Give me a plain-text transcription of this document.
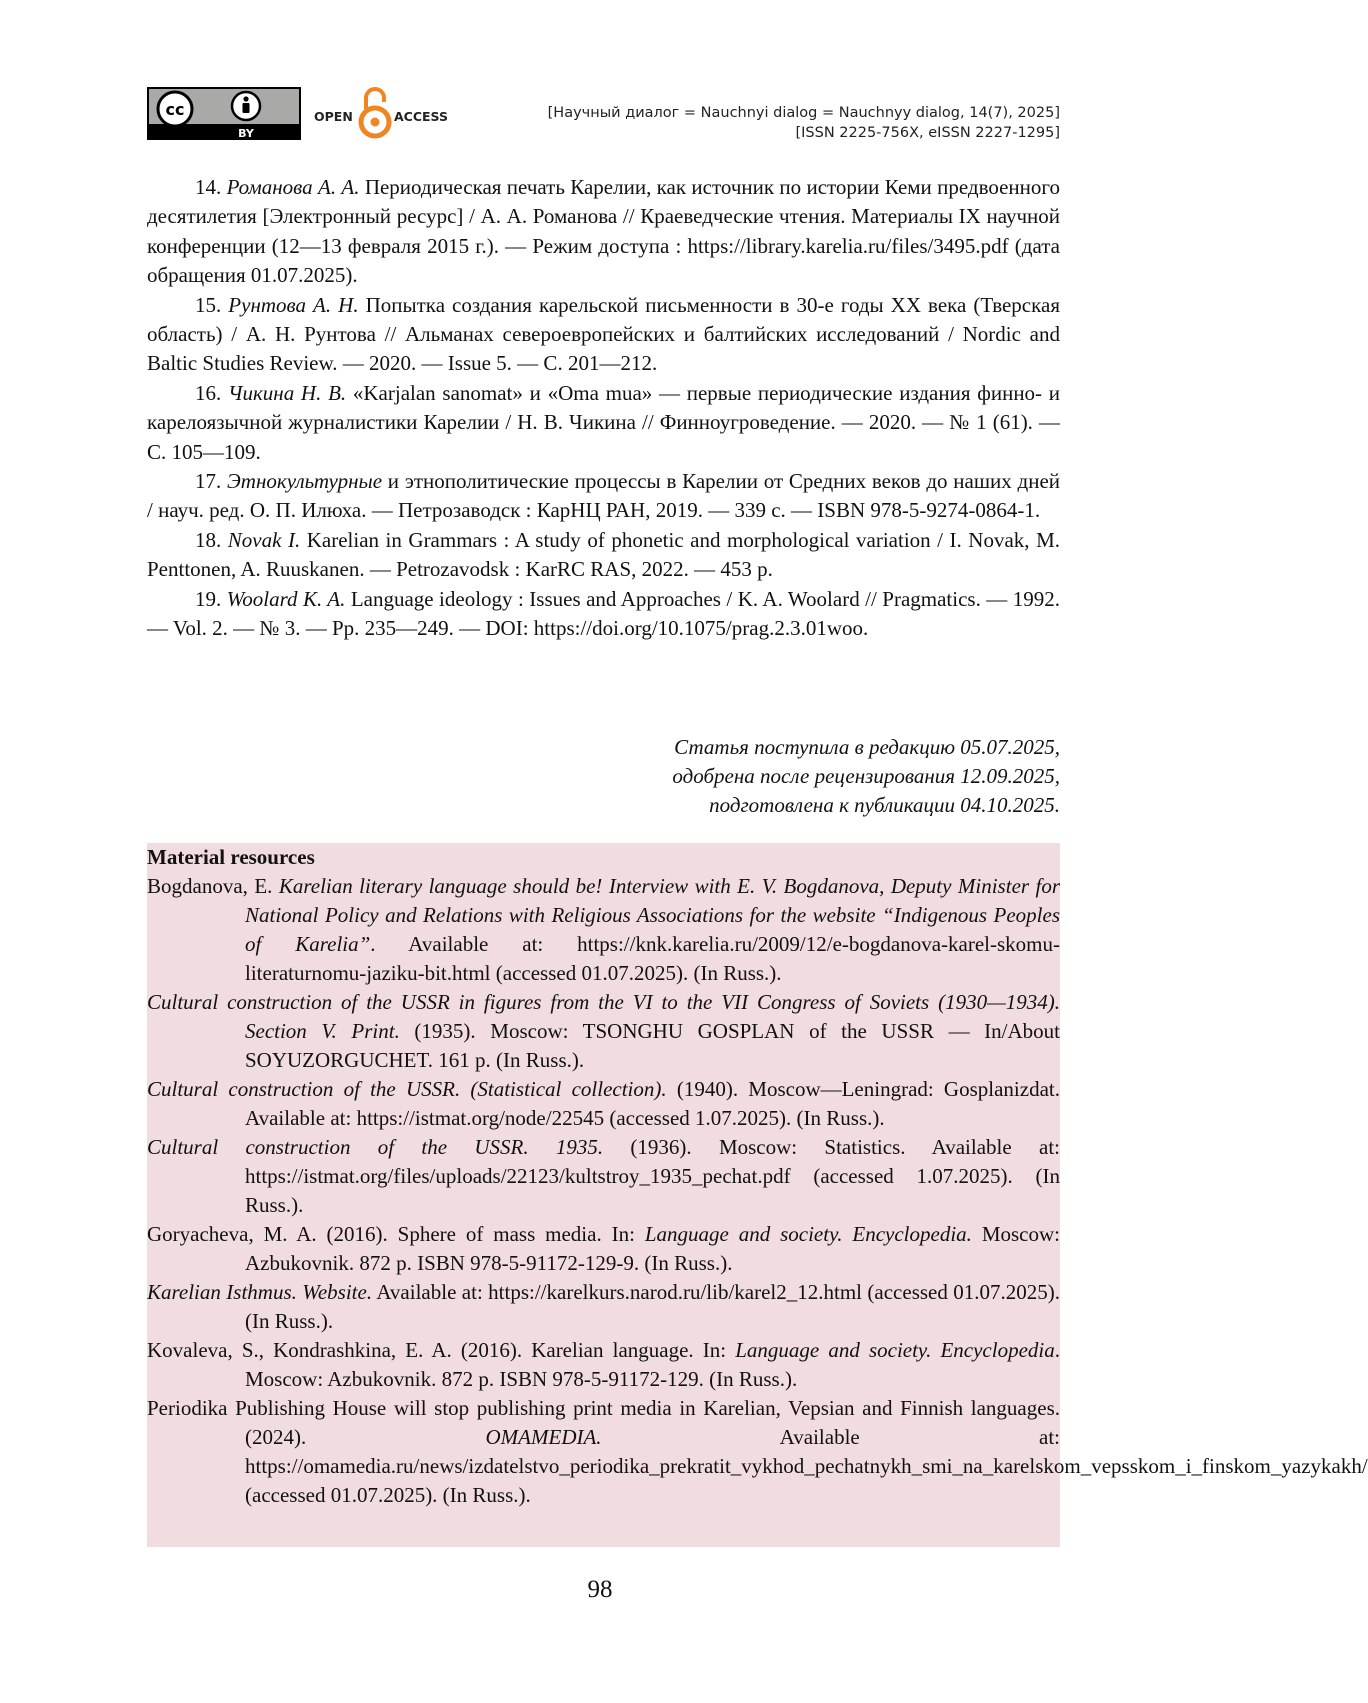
cc
BY
OPEN	ACCESS	[Научный диалог = Nauchnyi dialog = Nauchnyy dialog, 14(7), 2025]
[ISSN 2225-756X, eISSN 2227-1295]

14. Романова А. А. Периодическая печать Карелии, как источник по истории Кеми предвоенного десятилетия [Электронный ресурс] / А. А. Романова // Краеведческие чтения. Материалы IX научной конференции (12—13 февраля 2015 г.). — Режим доступа : https://library.karelia.ru/files/3495.pdf (дата обращения 01.07.2025).

15. Рунтова А. Н. Попытка создания карельской письменности в 30-е годы XX века (Тверская область) / А. Н. Рунтова // Альманах североевропейских и балтийских исследований / Nordic and Baltic Studies Review. — 2020. — Issue 5. — С. 201—212.

16. Чикина Н. В. «Karjalan sanomat» и «Oma mua» — первые периодические издания финно- и карелоязычной журналистики Карелии / Н. В. Чикина // Финноугроведение. — 2020. — № 1 (61). — С. 105—109.

17. Этнокультурные и этнополитические процессы в Карелии от Средних веков до наших дней / науч. ред. О. П. Илюха. — Петрозаводск : КарНЦ РАН, 2019. — 339 с. — ISBN 978-5-9274-0864-1.

18. Novak I. Karelian in Grammars : A study of phonetic and morphological variation / I. Novak, M. Penttonen, A. Ruuskanen. — Petrozavodsk : KarRC RAS, 2022. — 453 p.

19. Woolard K. A. Language ideology : Issues and Approaches / K. A. Woolard // Pragmatics. — 1992. — Vol. 2. — № 3. — Pp. 235—249. — DOI: https://doi.org/10.1075/prag.2.3.01woo.

Статья поступила в редакцию 05.07.2025,
одобрена после рецензирования 12.09.2025,
подготовлена к публикации 04.10.2025.

Material resources

Bogdanova, E. Karelian literary language should be! Interview with E. V. Bogdanova, Deputy Minister for National Policy and Relations with Religious Associations for the website “Indigenous Peoples of Karelia”. Available at: https://knk.karelia.ru/2009/12/e-bogdanova-karel-skomu-literaturnomu-jaziku-bit.html (accessed 01.07.2025). (In Russ.).

Cultural construction of the USSR in figures from the VI to the VII Congress of Soviets (1930—1934). Section V. Print. (1935). Moscow: TSONGHU GOSPLAN of the USSR — In/About SOYUZORGUCHET. 161 p. (In Russ.).

Cultural construction of the USSR. (Statistical collection). (1940). Moscow—Leningrad: Gosplanizdat. Available at: https://istmat.org/node/22545 (accessed 1.07.2025). (In Russ.).

Cultural construction of the USSR. 1935. (1936). Moscow: Statistics. Available at: https://istmat.org/files/uploads/22123/kultstroy_1935_pechat.pdf (accessed 1.07.2025). (In Russ.).

Goryacheva, M. A. (2016). Sphere of mass media. In: Language and society. Encyclopedia. Moscow: Azbukovnik. 872 p. ISBN 978-5-91172-129-9. (In Russ.).

Karelian Isthmus. Website. Available at: https://karelkurs.narod.ru/lib/karel2_12.html (accessed 01.07.2025). (In Russ.).

Kovaleva, S., Kondrashkina, E. A. (2016). Karelian language. In: Language and society. Encyclopedia. Moscow: Azbukovnik. 872 p. ISBN 978-5-91172-129. (In Russ.).

Periodika Publishing House will stop publishing print media in Karelian, Vepsian and Finnish languages. (2024). OMAMEDIA. Available at: https://omamedia.ru/news/izdatelstvo_periodika_prekratit_vykhod_pechatnykh_smi_na_karelskom_vepsskom_i_finskom_yazykakh/ (accessed 01.07.2025). (In Russ.).

98
